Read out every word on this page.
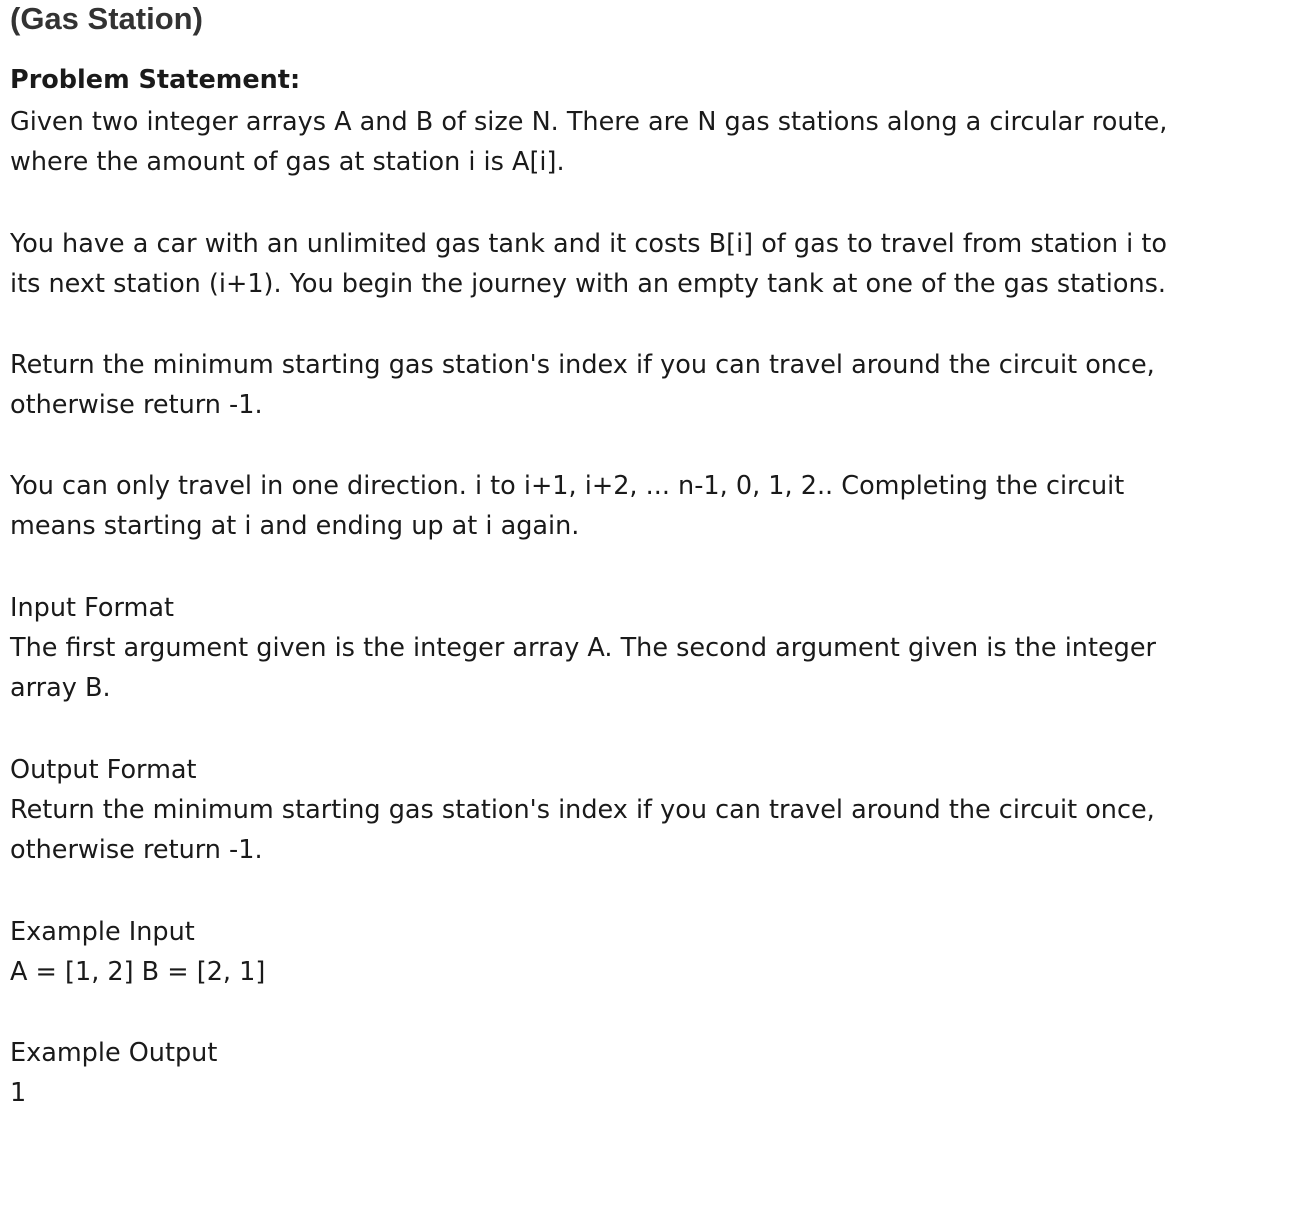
(Gas Station)

Problem Statement:

Given two integer arrays A and B of size N. There are N gas stations along a circular route,

where the amount of gas at station i is A[i].

You have a car with an unlimited gas tank and it costs B[i] of gas to travel from station i to

its next station (i+1). You begin the journey with an empty tank at one of the gas stations.

Return the minimum starting gas station's index if you can travel around the circuit once,

otherwise return -1.

You can only travel in one direction. i to i+1, i+2, ... n-1, 0, 1, 2.. Completing the circuit

means starting at i and ending up at i again.

Input Format

The first argument given is the integer array A. The second argument given is the integer

array B.

Output Format

Return the minimum starting gas station's index if you can travel around the circuit once,

otherwise return -1.

Example Input

A = [1, 2] B = [2, 1]

Example Output

1
